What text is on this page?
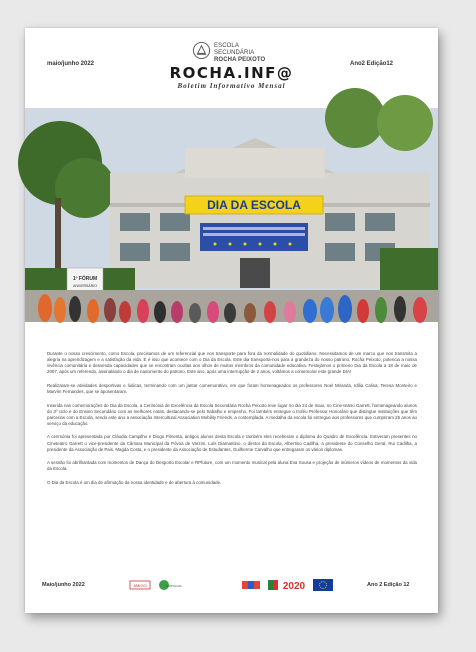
ESCOLA SECUNDÁRIA
ROCHA PEIXOTO
maio/junho 2022	Ano2 Edição12
ROCHA.INF@
Boletim Informativo Mensal
DIA DA ESCOLA
1º FÓRUM
ANIVERSÁRIO

Durante o nosso crescimento, como Escola, precisamos de um referencial que nos transporte para fora da normalidade do quotidiano. Necessitamos de um marco que nos transmita a alegria na aprendizagem e a satisfação da vida. E é isso que acontece com o Dia da Escola. Este dia transporta-nos para a grandeza do nosso patrono, Rocha Peixoto, potencia a nossa vivência comunitária e desvenda capacidades que se encontram ocultas aos olhos de muitos membros da comunidade educativa. Festejámos o primeiro Dia da Escola a 18 de maio de 2007, após um referendo, assinalando o dia de nascimento do patrono. Este ano, após uma interrupção de 2 anos, voltámos a comemorar este grande DIA!

Realizaram-se atividades desportivas e lúdicas, terminando com um jantar comemorativo, em que foram homenageados os professores Noel Miranda, Idília Calisa, Teresa Monteiro e Marvim Fernandes, que se aposentaram.

Inserida nas comemorações do Dia da Escola, a Cerimónia de Excelência da Escola Secundária Rocha Peixoto teve lugar no dia 24 de maio, no Cine-teatro Garrett, homenageando alunos do 3º ciclo e do Ensino Secundário com as melhores notas, destacando-se pelo trabalho e empenho. Foi também entregue o troféu Professor Honorário que distingue instituições que têm parcerias com a Escola, sendo este ano a associação Intercultural Association Mobility Friends, a contemplada. A medalha da escola foi entregue aos professores que cumpriram 25 anos ao serviço da educação.

A cerimónia foi apresentada por Cláudia Campilho e Diogo Pimenta, antigos alunos desta Escola e também eles receberam o diploma do Quadro de Excelência. Estiveram presentes no Cineteatro Garrett o vice-presidente da Câmara Municipal da Póvoa de Varzim, Luís Diamantino, o diretor da Escola, Albertino Cadilha, a presidente do Conselho Geral, Rui Cadilha, a presidente da Associação de Pais, Magda Costa, e o presidente da Associação de Estudantes, Guilherme Carvalho que entregaram os vários diplomas.

A sessão foi abrilhantada com momentos de Dança do Desporto Escolar e RPfuture, com um momento musical pela aluna Eva Sousa e projeção de inúmeros vídeos de momentos da vida da Escola.

O Dia da Escola é um dia de afirmação da nossa identidade e de abertura à comunidade.

Maio/junho 2022	AMIGO	PORTUGAL	2020	Ano 2 Edição 12
